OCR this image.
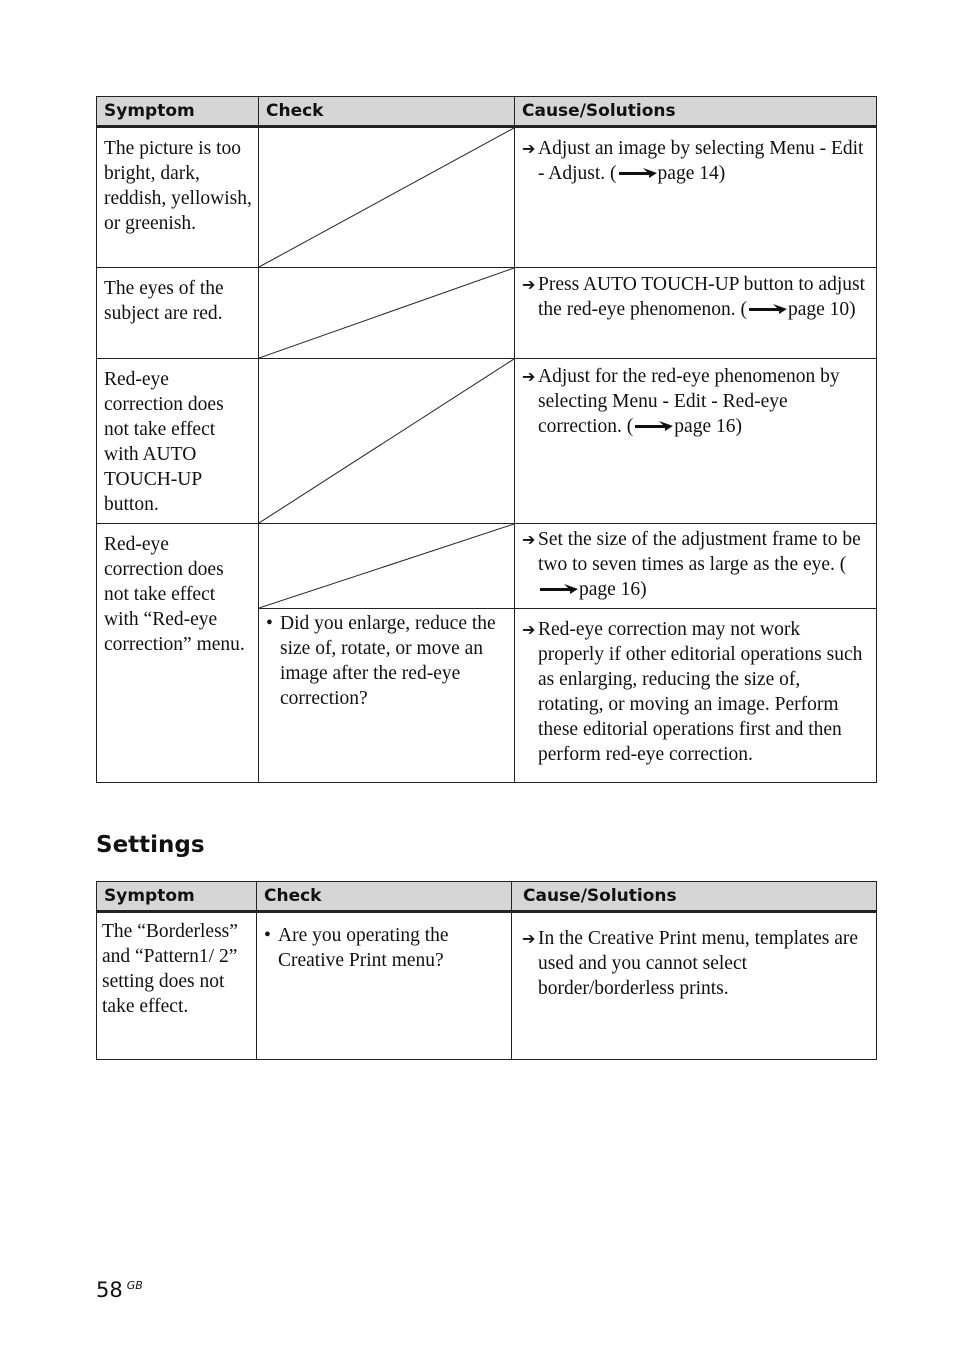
Symptom	Check	Cause/Solutions

The picture is too bright, dark, reddish, yellowish, or greenish.		➔ Adjust an image by selecting Menu - Edit - Adjust. ( page 14)

The eyes of the subject are red.		➔ Press AUTO TOUCH-UP button to adjust the red-eye phenomenon. ( page 10)

Red-eye correction does not take effect with AUTO TOUCH-UP button.		➔ Adjust for the red-eye phenomenon by selecting Menu - Edit - Red-eye correction. ( page 16)

Red-eye correction does not take effect with “Red-eye correction” menu.		➔ Set the size of the adjustment frame to be two to seven times as large as the eye. (page 16)

	• Did you enlarge, reduce the size of, rotate, or move an image after the red-eye correction?	➔ Red-eye correction may not work properly if other editorial operations such as enlarging, reducing the size of, rotating, or moving an image. Perform these editorial operations first and then perform red-eye correction.
Settings
Symptom	Check	Cause/Solutions

The “Borderless” and “Pattern1/ 2” setting does not take effect.	• Are you operating the Creative Print menu?	➔ In the Creative Print menu, templates are used and you cannot select border/borderless prints.
58 $^{GB}$
